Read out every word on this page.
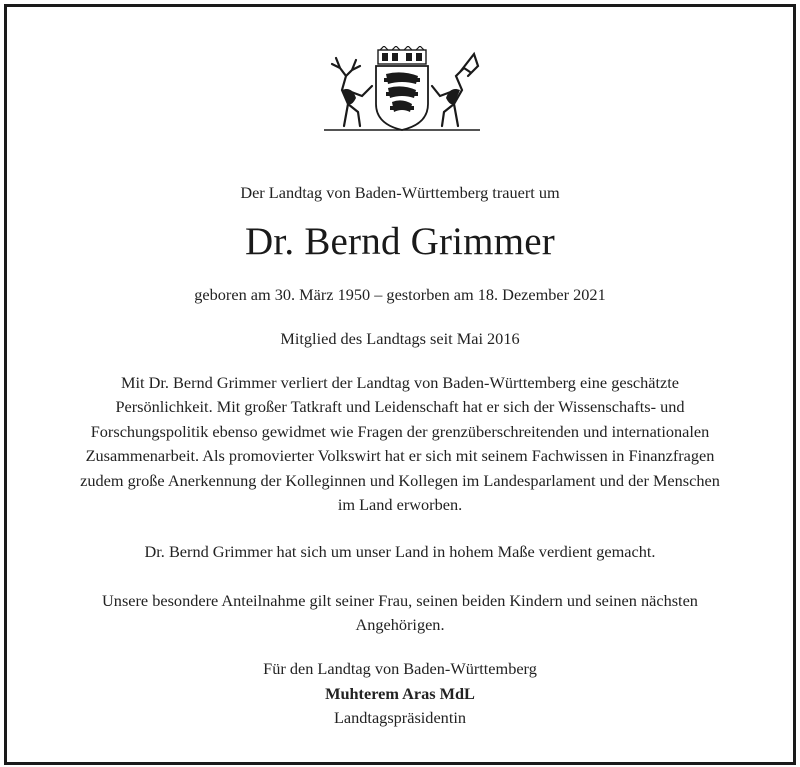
Der Landtag von Baden-Württemberg trauert um
Dr. Bernd Grimmer
geboren am 30. März 1950 – gestorben am 18. Dezember 2021
Mitglied des Landtags seit Mai 2016
Mit Dr. Bernd Grimmer verliert der Landtag von Baden-Württemberg eine geschätzte
Persönlichkeit. Mit großer Tatkraft und Leidenschaft hat er sich der Wissenschafts- und
Forschungspolitik ebenso gewidmet wie Fragen der grenzüberschreitenden und internationalen
Zusammenarbeit. Als promovierter Volkswirt hat er sich mit seinem Fachwissen in Finanzfragen
zudem große Anerkennung der Kolleginnen und Kollegen im Landesparlament und der Menschen
im Land erworben.
Dr. Bernd Grimmer hat sich um unser Land in hohem Maße verdient gemacht.
Unsere besondere Anteilnahme gilt seiner Frau, seinen beiden Kindern und seinen nächsten
Angehörigen.
Für den Landtag von Baden-Württemberg
Muhterem Aras MdL
Landtagspräsidentin
